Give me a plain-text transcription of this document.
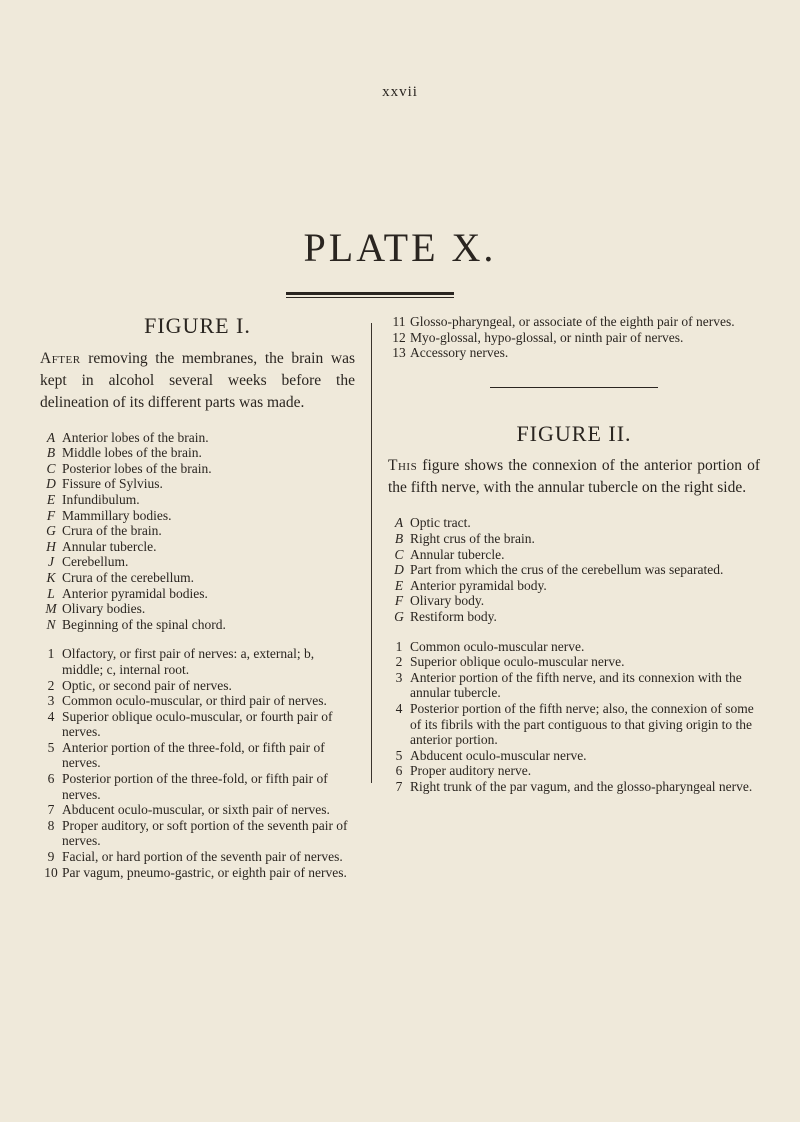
xxvii
PLATE X.
FIGURE I.

After removing the membranes, the brain was kept in alcohol several weeks before the delineation of its different parts was made.

A Anterior lobes of the brain.
B Middle lobes of the brain.
C Posterior lobes of the brain.
D Fissure of Sylvius.
E Infundibulum.
F Mammillary bodies.
G Crura of the brain.
H Annular tubercle.
J Cerebellum.
K Crura of the cerebellum.
L Anterior pyramidal bodies.
M Olivary bodies.
N Beginning of the spinal chord.
1 Olfactory, or first pair of nerves: a, external; b, middle; c, internal root.
2 Optic, or second pair of nerves.
3 Common oculo-muscular, or third pair of nerves.
4 Superior oblique oculo-muscular, or fourth pair of nerves.
5 Anterior portion of the three-fold, or fifth pair of nerves.
6 Posterior portion of the three-fold, or fifth pair of nerves.
7 Abducent oculo-muscular, or sixth pair of nerves.
8 Proper auditory, or soft portion of the seventh pair of nerves.
9 Facial, or hard portion of the seventh pair of nerves.
10 Par vagum, pneumo-gastric, or eighth pair of nerves.
11 Glosso-pharyngeal, or associate of the eighth pair of nerves.
12 Myo-glossal, hypo-glossal, or ninth pair of nerves.
13 Accessory nerves.
FIGURE II.

This figure shows the connexion of the anterior portion of the fifth nerve, with the annular tubercle on the right side.

A Optic tract.
B Right crus of the brain.
C Annular tubercle.
D Part from which the crus of the cerebellum was separated.
E Anterior pyramidal body.
F Olivary body.
G Restiform body.
1 Common oculo-muscular nerve.
2 Superior oblique oculo-muscular nerve.
3 Anterior portion of the fifth nerve, and its connexion with the annular tubercle.
4 Posterior portion of the fifth nerve; also, the connexion of some of its fibrils with the part contiguous to that giving origin to the anterior portion.
5 Abducent oculo-muscular nerve.
6 Proper auditory nerve.
7 Right trunk of the par vagum, and the glosso-pharyngeal nerve.
